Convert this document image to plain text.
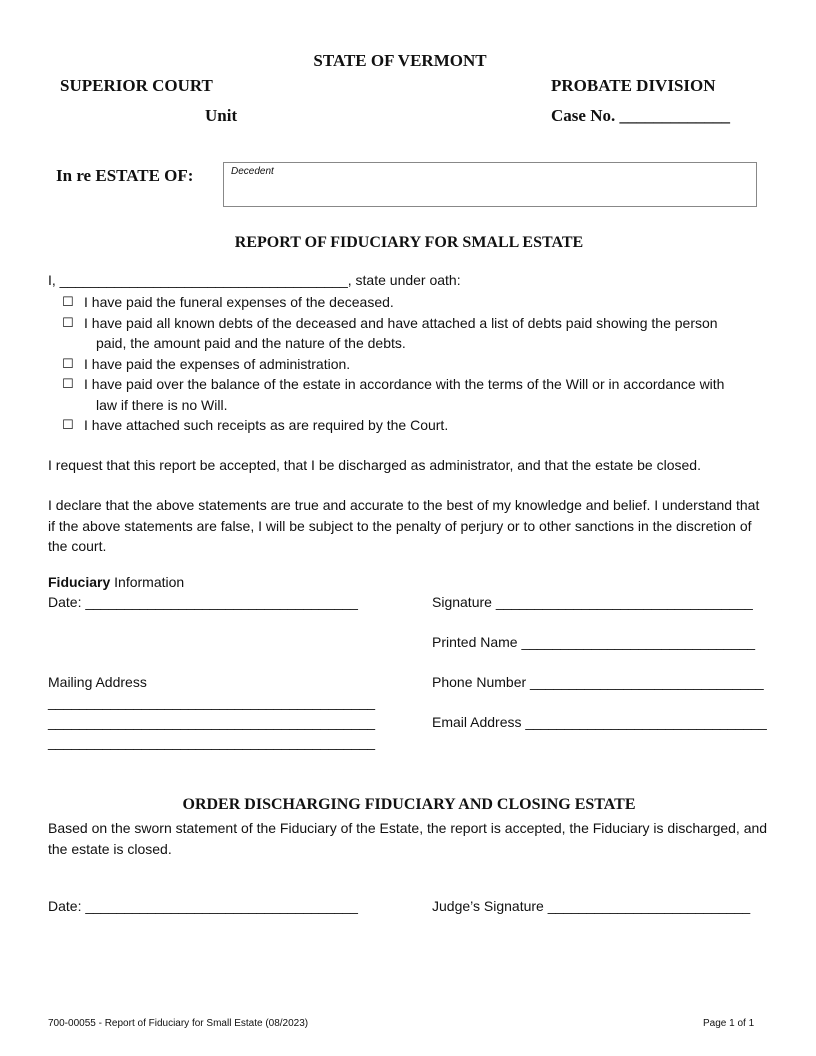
STATE OF VERMONT
SUPERIOR COURT	PROBATE DIVISION
Unit	Case No. _____________
In re ESTATE OF:	Decedent
REPORT OF FIDUCIARY FOR SMALL ESTATE
I, _____________________________________, state under oath:
☐ I have paid the funeral expenses of the deceased.
☐ I have paid all known debts of the deceased and have attached a list of debts paid showing the person
paid, the amount paid and the nature of the debts.
☐ I have paid the expenses of administration.
☐ I have paid over the balance of the estate in accordance with the terms of the Will or in accordance with
law if there is no Will.
☐ I have attached such receipts as are required by the Court.
I request that this report be accepted, that I be discharged as administrator, and that the estate be closed.
I declare that the above statements are true and accurate to the best of my knowledge and belief. I understand that if the above statements are false, I will be subject to the penalty of perjury or to other sanctions in the discretion of the court.
Fiduciary Information
Date: ___________________________________	Signature _________________________________
Printed Name ______________________________
Mailing Address	Phone Number ______________________________
__________________________________________
__________________________________________	Email Address _______________________________
__________________________________________
ORDER DISCHARGING FIDUCIARY AND CLOSING ESTATE
Based on the sworn statement of the Fiduciary of the Estate, the report is accepted, the Fiduciary is discharged, and the estate is closed.
Date: ___________________________________	Judge’s Signature __________________________
700-00055 - Report of Fiduciary for Small Estate (08/2023)	Page 1 of 1
